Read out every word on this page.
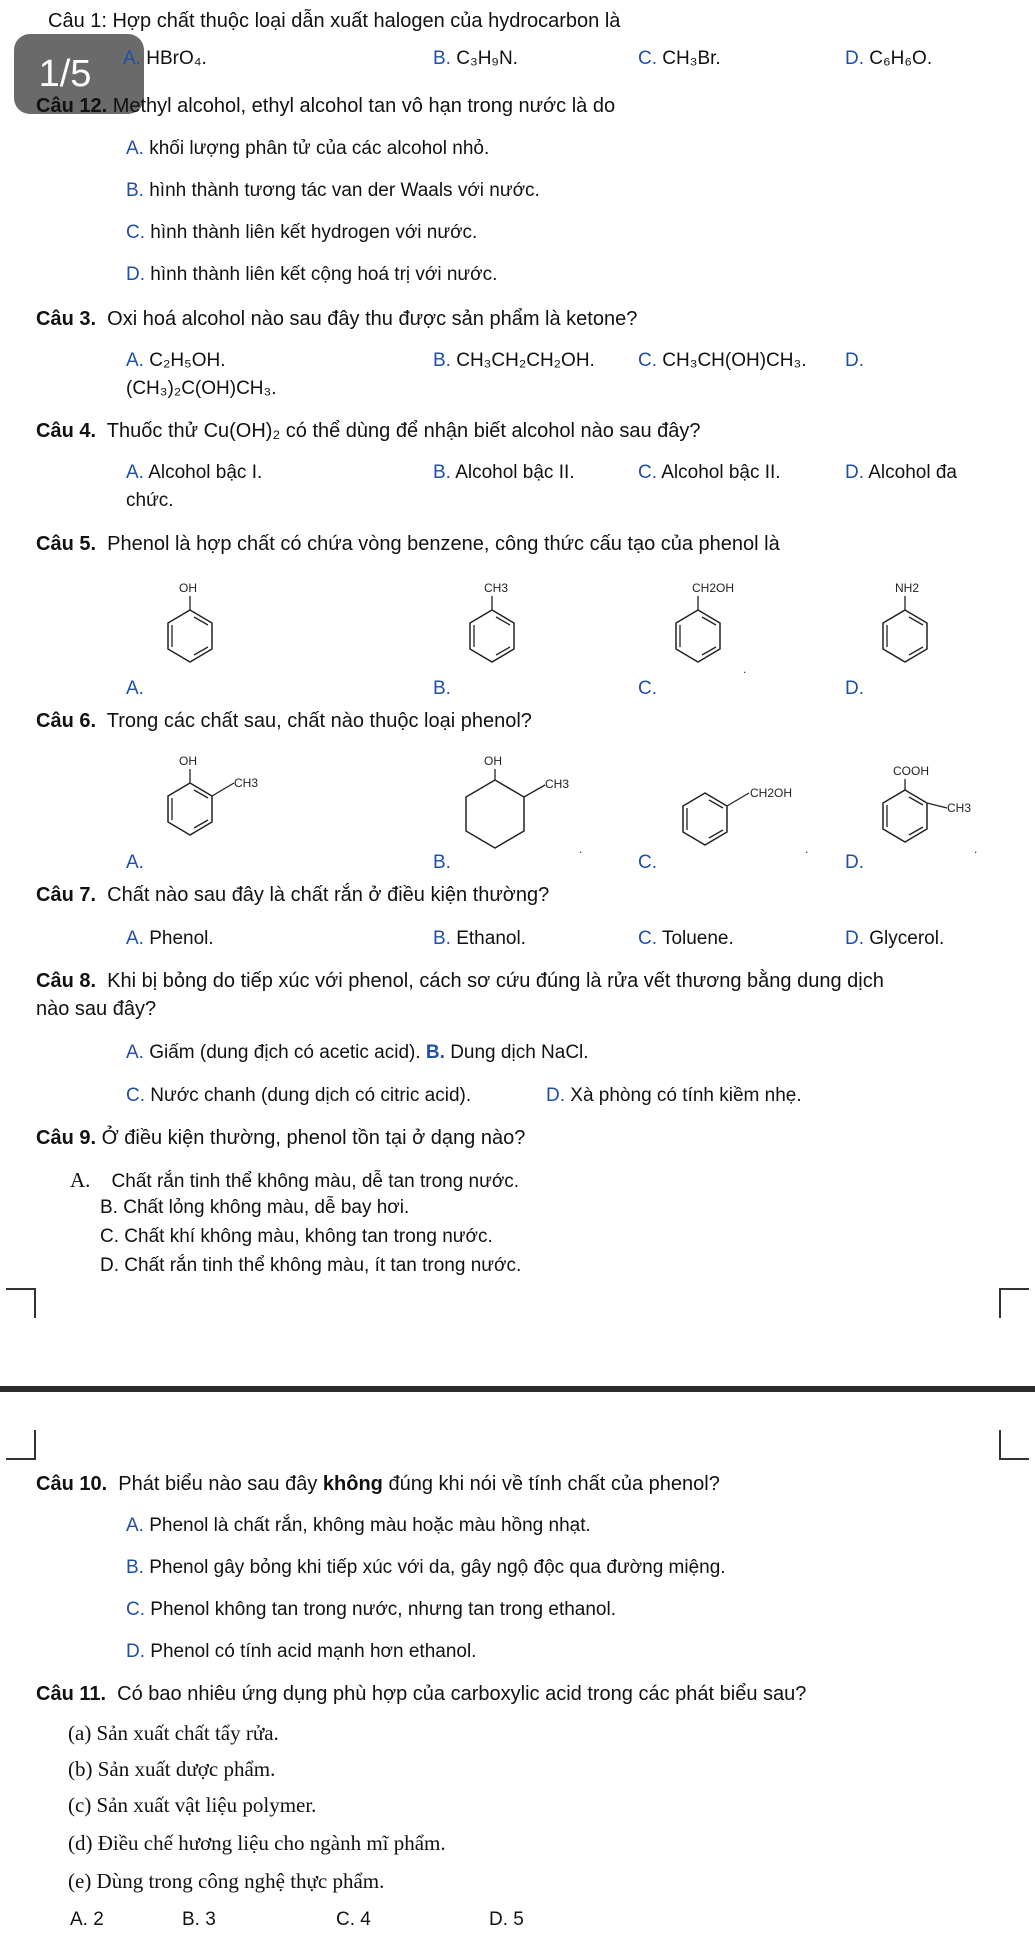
1/5
Câu 1: Hợp chất thuộc loại dẫn xuất halogen của hydrocarbon là
A. HBrO₄.	B. C₃H₉N.	C. CH₃Br.	D. C₆H₆O.
Câu 12. Methyl alcohol, ethyl alcohol tan vô hạn trong nước là do
A. khối lượng phân tử của các alcohol nhỏ.
B. hình thành tương tác van der Waals với nước.
C. hình thành liên kết hydrogen với nước.
D. hình thành liên kết cộng hoá trị với nước.
Câu 3. Oxi hoá alcohol nào sau đây thu được sản phẩm là ketone?
A. C₂H₅OH.	B. CH₃CH₂CH₂OH. C. CH₃CH(OH)CH₃. D.
(CH₃)₂C(OH)CH₃.
Câu 4. Thuốc thử Cu(OH)₂ có thể dùng để nhận biết alcohol nào sau đây?
A. Alcohol bậc I.	B. Alcohol bậc II.	C. Alcohol bậc II.	D. Alcohol đa
chức.
Câu 5. Phenol là hợp chất có chứa vòng benzene, công thức cấu tạo của phenol là
A.
OH
B.
CH3
C.
CH2OH
.
D.
NH2
Câu 6. Trong các chất sau, chất nào thuộc loại phenol?
A.
OH
CH3
B.
OH
CH3
.
C.
CH2OH
.
D.
COOH
CH3
.
Câu 7. Chất nào sau đây là chất rắn ở điều kiện thường?
A. Phenol.	B. Ethanol.	C. Toluene.	D. Glycerol.
Câu 8. Khi bị bỏng do tiếp xúc với phenol, cách sơ cứu đúng là rửa vết thương bằng dung dịch
nào sau đây?
A. Giấm (dung địch có acetic acid). B. Dung dịch NaCl.
C. Nước chanh (dung dịch có citric acid).	D. Xà phòng có tính kiềm nhẹ.
Câu 9. Ở điều kiện thường, phenol tồn tại ở dạng nào?
A. Chất rắn tinh thể không màu, dễ tan trong nước.
B. Chất lỏng không màu, dễ bay hơi.
C. Chất khí không màu, không tan trong nước.
D. Chất rắn tinh thể không màu, ít tan trong nước.
Câu 10. Phát biểu nào sau đây không đúng khi nói về tính chất của phenol?
A. Phenol là chất rắn, không màu hoặc màu hồng nhạt.
B. Phenol gây bỏng khi tiếp xúc với da, gây ngộ độc qua đường miệng.
C. Phenol không tan trong nước, nhưng tan trong ethanol.
D. Phenol có tính acid mạnh hơn ethanol.
Câu 11. Có bao nhiêu ứng dụng phù hợp của carboxylic acid trong các phát biểu sau?
(a) Sản xuất chất tẩy rửa.
(b) Sản xuất dược phẩm.
(c) Sản xuất vật liệu polymer.
(d) Điều chế hương liệu cho ngành mĩ phẩm.
(e) Dùng trong công nghệ thực phẩm.
A. 2	B. 3	C. 4	D. 5
